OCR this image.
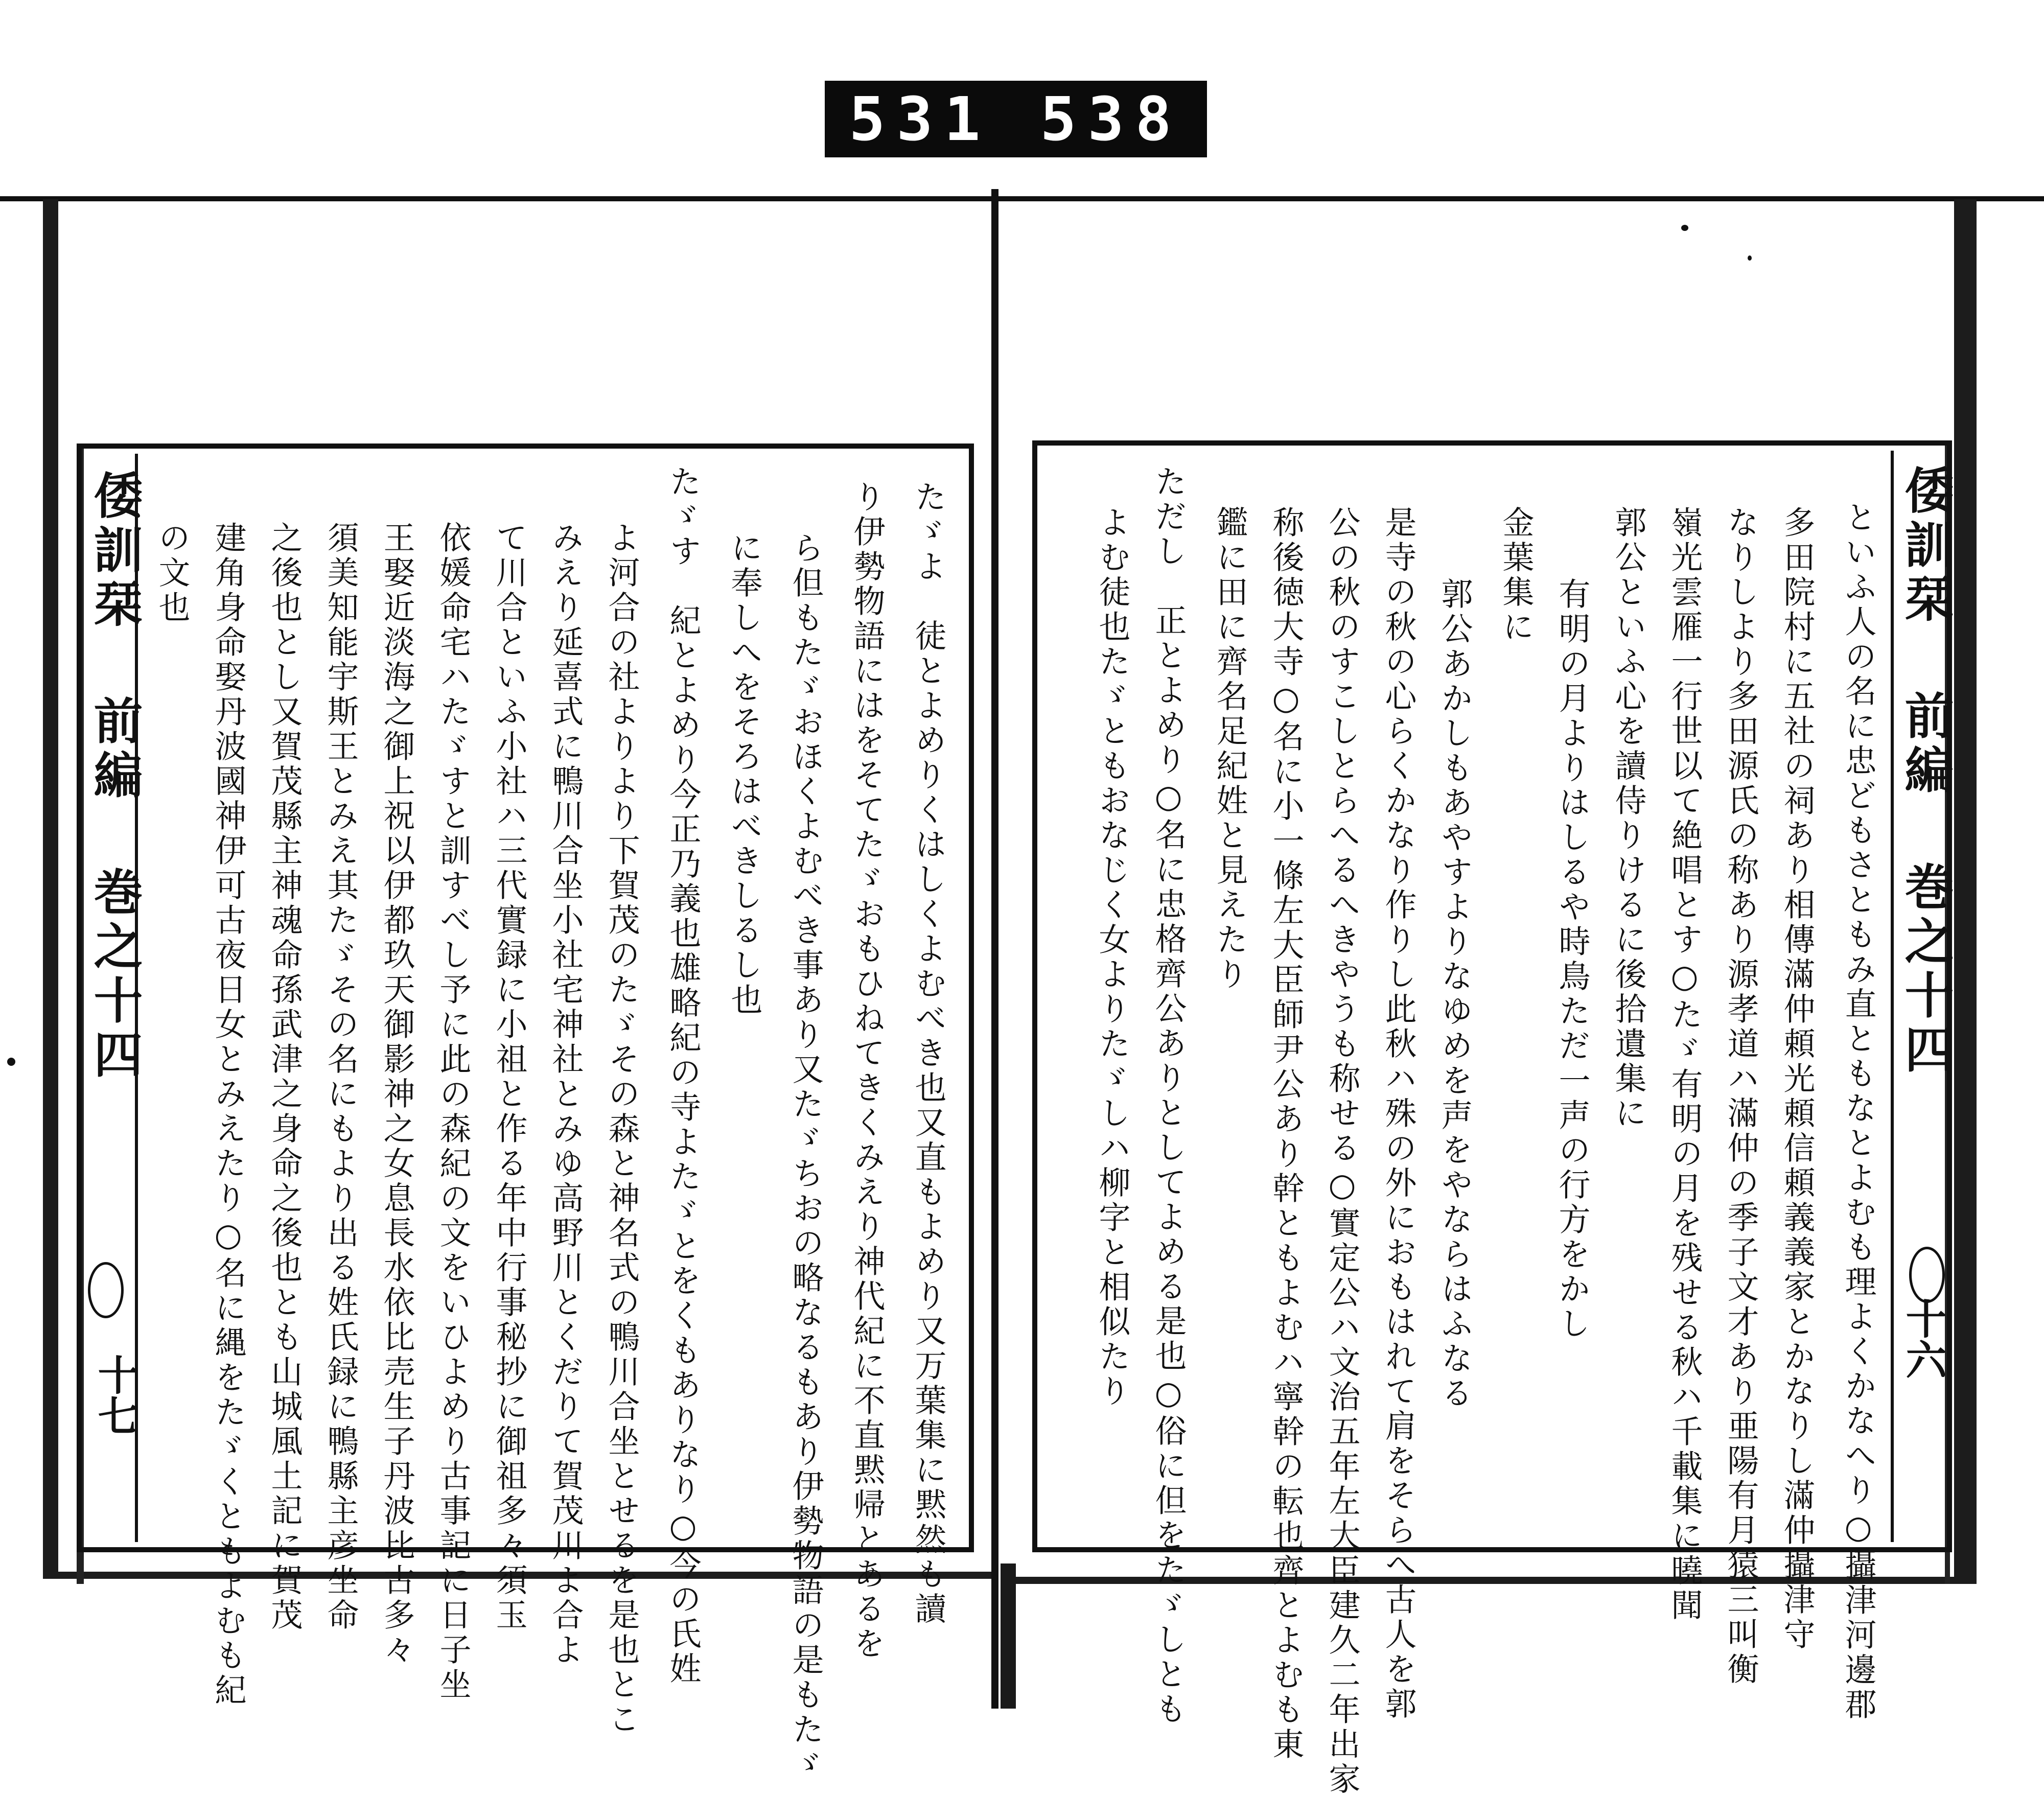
531 538
倭訓栞 前編 巻之十四
十七	たゞよ　徒とよめりくはしくよむべき也又直もよめり又万葉集に黙然も讀
り伊勢物語にはをそてたゞおもひねてきくみえり神代紀に不直黙帰とあるを
ら但もたゞおほくよむべき事あり又たゞちおの略なるもあり伊勢物語の是もたゞ
に奉しへをそろはべきしるし也
たゞす　紀とよめり今正乃義也雄略紀の寺よたゞとをくもありなり○今の氏姓
よ河合の社よりより下賀茂のたゞその森と神名式の鴨川合坐とせるを是也とこ
みえり延喜式に鴨川合坐小社宅神社とみゆ高野川とくだりて賀茂川よ合よ
て川合といふ小社ハ三代實録に小祖と作る年中行事秘抄に御祖多々須玉
依媛命宅ハたゞすと訓すべし予に此の森紀の文をいひよめり古事記に日子坐
王娶近淡海之御上祝以伊都玖天御影神之女息長水依比売生子丹波比古多々
須美知能宇斯王とみえ其たゞその名にもより出る姓氏録に鴨縣主彦坐命
之後也とし又賀茂縣主神魂命孫武津之身命之後也とも山城風土記に賀茂
建角身命娶丹波國神伊可古夜日女とみえたり○名に縄をたゞくともよむも紀
の文也	倭訓栞 前編 巻之十四
十六
といふ人の名に忠どもさともみ直ともなとよむも理よくかなへり○攝津河邊郡
多田院村に五社の祠あり相傳滿仲頼光頼信頼義義家とかなりし滿仲攝津守
なりしより多田源氏の称あり源孝道ハ滿仲の季子文才あり亜陽有月猿三叫衡
嶺光雲雁一行世以て絶唱とす○たゞ有明の月を残せる秋ハ千載集に曉聞
郭公といふ心を讀侍りけるに後拾遺集に
有明の月よりはしるや時鳥ただ一声の行方をかし
金葉集に
郭公あかしもあやすよりなゆめを声をやならはふなる
是寺の秋の心らくかなり作りし此秋ハ殊の外におもはれて肩をそらへ古人を郭
公の秋のすこしとらへるへきやうも称せる○實定公ハ文治五年左大臣建久二年出家
称後徳大寺○名に小一條左大臣師尹公あり幹ともよむハ寧幹の転也齊とよむも東
鑑に田に齊名足紀姓と見えたり
ただし　正とよめり○名に忠格齊公ありとしてよめる是也○俗に但をたゞしとも
よむ徒也たゞともおなじく女よりたゞしハ柳字と相似たり
